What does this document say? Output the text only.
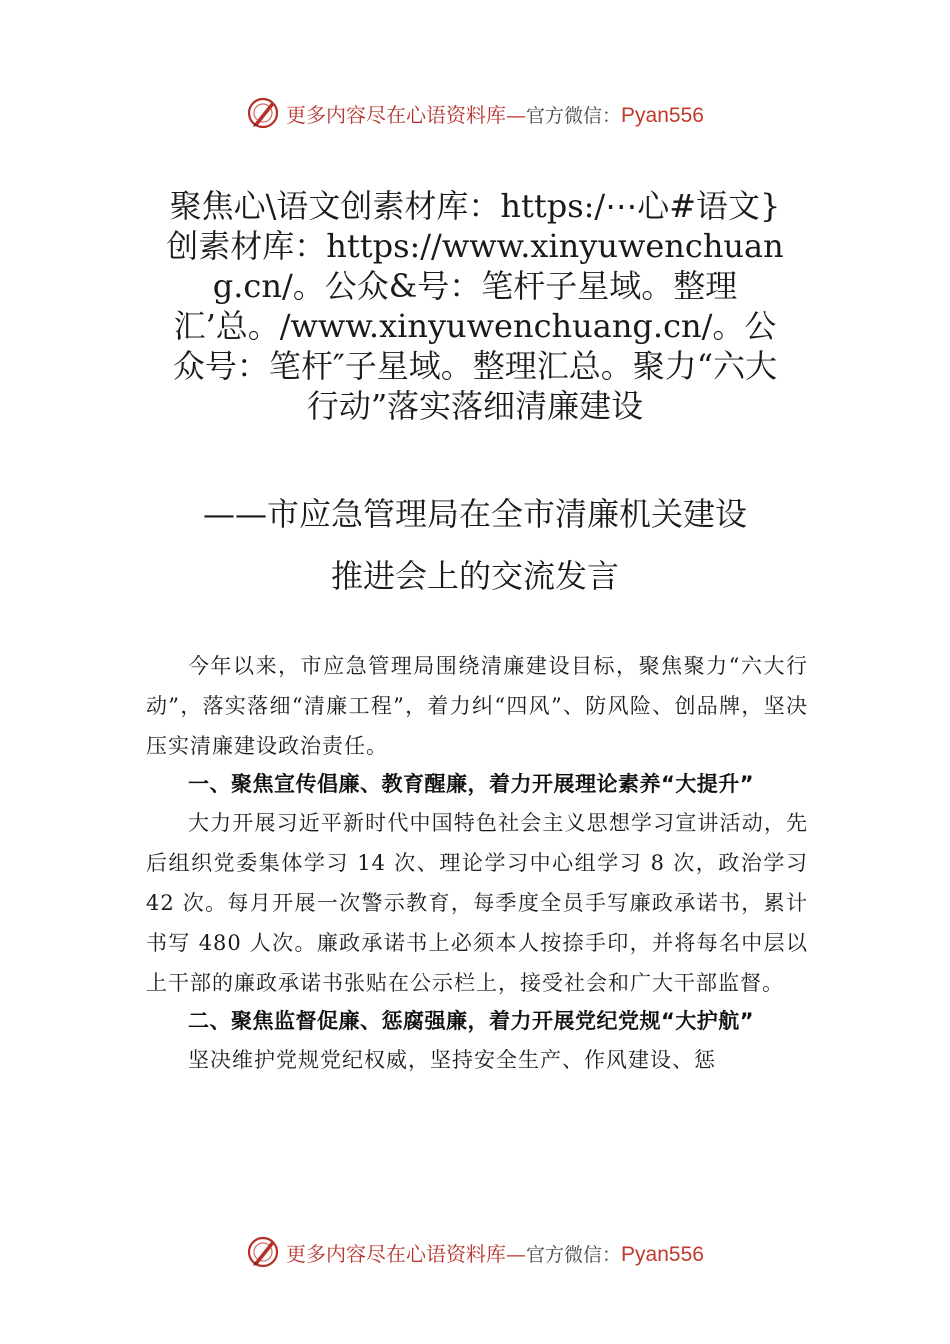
更多内容尽在心语资料库—官方微信：Pyan556
聚焦心\语文创素材库：https:/⋯心#语文}创素材库：https://www.xinyuwenchuang.cn/。公众&号：笔杆子星域。整理汇’总。/www.xinyuwenchuang.cn/。公众号：笔杆″子星域。整理汇总。聚力“六大行动”落实落细清廉建设
——市应急管理局在全市清廉机关建设
推进会上的交流发言

今年以来，市应急管理局围绕清廉建设目标，聚焦聚力“六大行动”，落实落细“清廉工程”，着力纠“四风”、防风险、创品牌，坚决压实清廉建设政治责任。

一、聚焦宣传倡廉、教育醒廉，着力开展理论素养“大提升”

大力开展习近平新时代中国特色社会主义思想学习宣讲活动，先后组织党委集体学习 14 次、理论学习中心组学习 8 次，政治学习 42 次。每月开展一次警示教育，每季度全员手写廉政承诺书，累计书写 480 人次。廉政承诺书上必须本人按捺手印，并将每名中层以上干部的廉政承诺书张贴在公示栏上，接受社会和广大干部监督。

二、聚焦监督促廉、惩腐强廉，着力开展党纪党规“大护航”

坚决维护党规党纪权威，坚持安全生产、作风建设、惩

更多内容尽在心语资料库—官方微信：Pyan556
